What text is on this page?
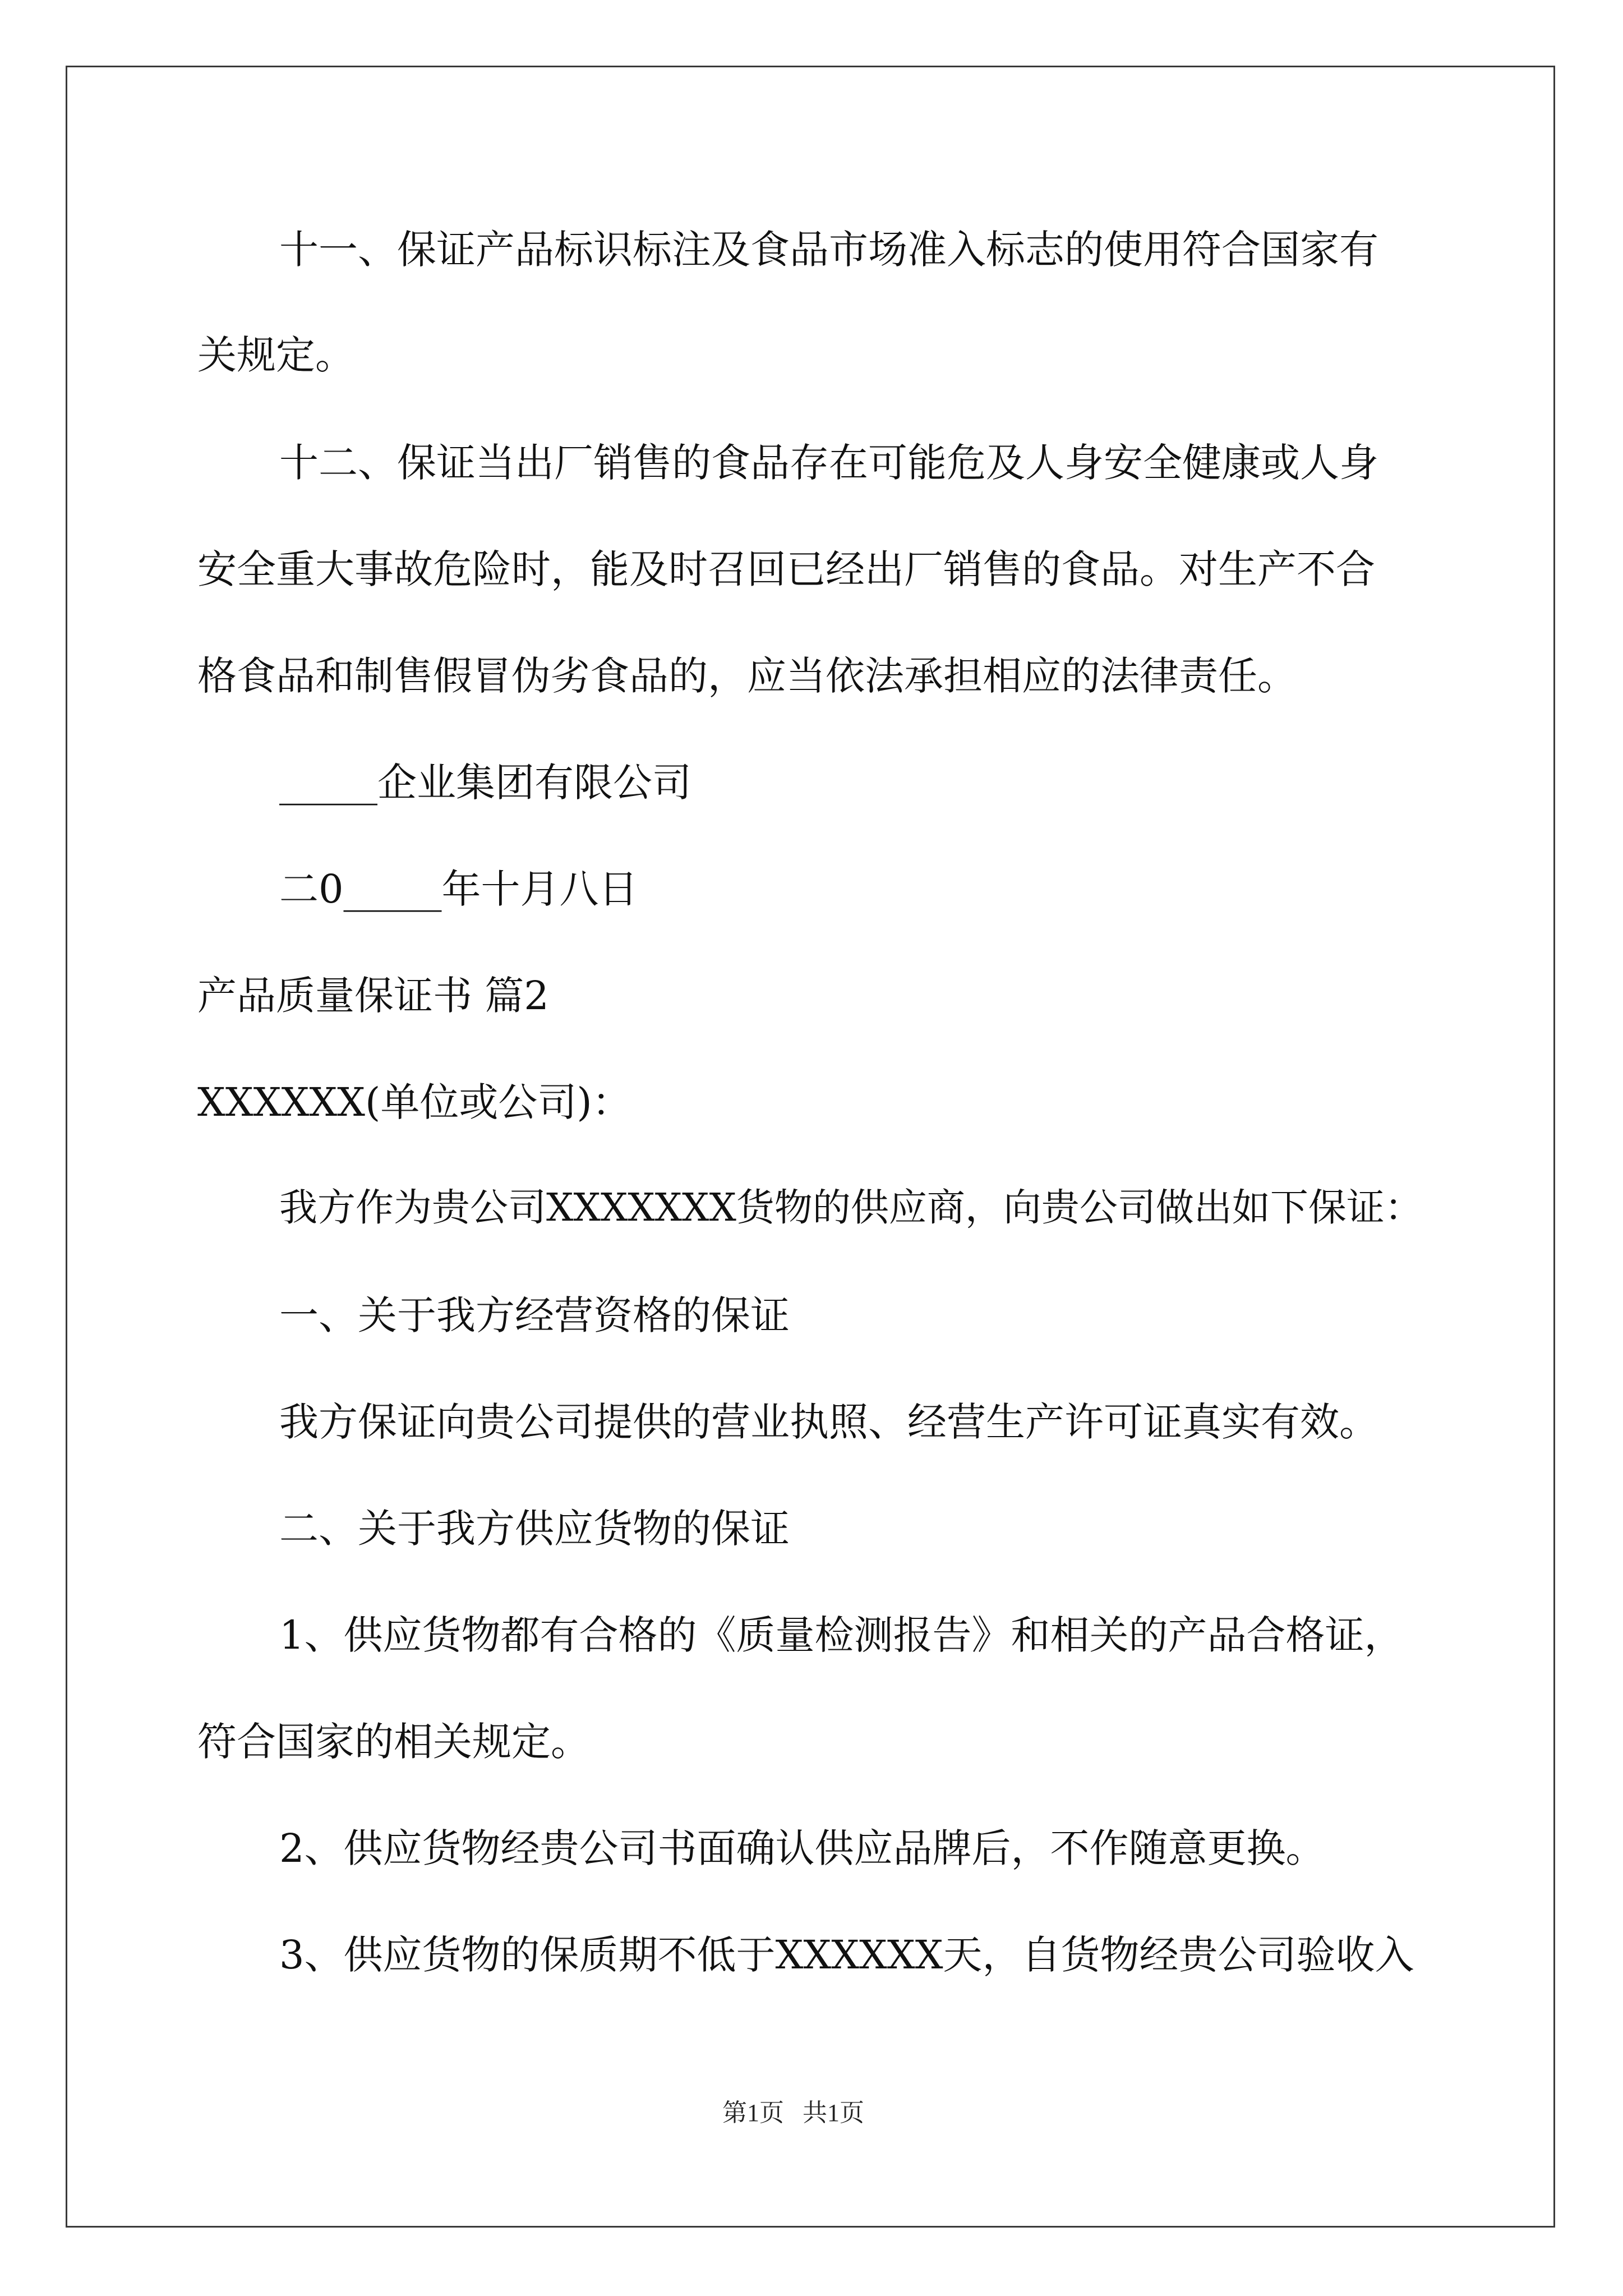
十一、保证产品标识标注及食品市场准入标志的使用符合国家有
关规定。
十二、保证当出厂销售的食品存在可能危及人身安全健康或人身
安全重大事故危险时，能及时召回已经出厂销售的食品。对生产不合
格食品和制售假冒伪劣食品的，应当依法承担相应的法律责任。
_____企业集团有限公司
二0_____年十月八日
产品质量保证书 篇2
XXXXXX(单位或公司)：
我方作为贵公司XXXXXXX货物的供应商，向贵公司做出如下保证：
一、关于我方经营资格的保证
我方保证向贵公司提供的营业执照、经营生产许可证真实有效。
二、关于我方供应货物的保证
1、供应货物都有合格的《质量检测报告》和相关的产品合格证，
符合国家的相关规定。
2、供应货物经贵公司书面确认供应品牌后，不作随意更换。
3、供应货物的保质期不低于XXXXXX天，自货物经贵公司验收入
第1页   共1页
